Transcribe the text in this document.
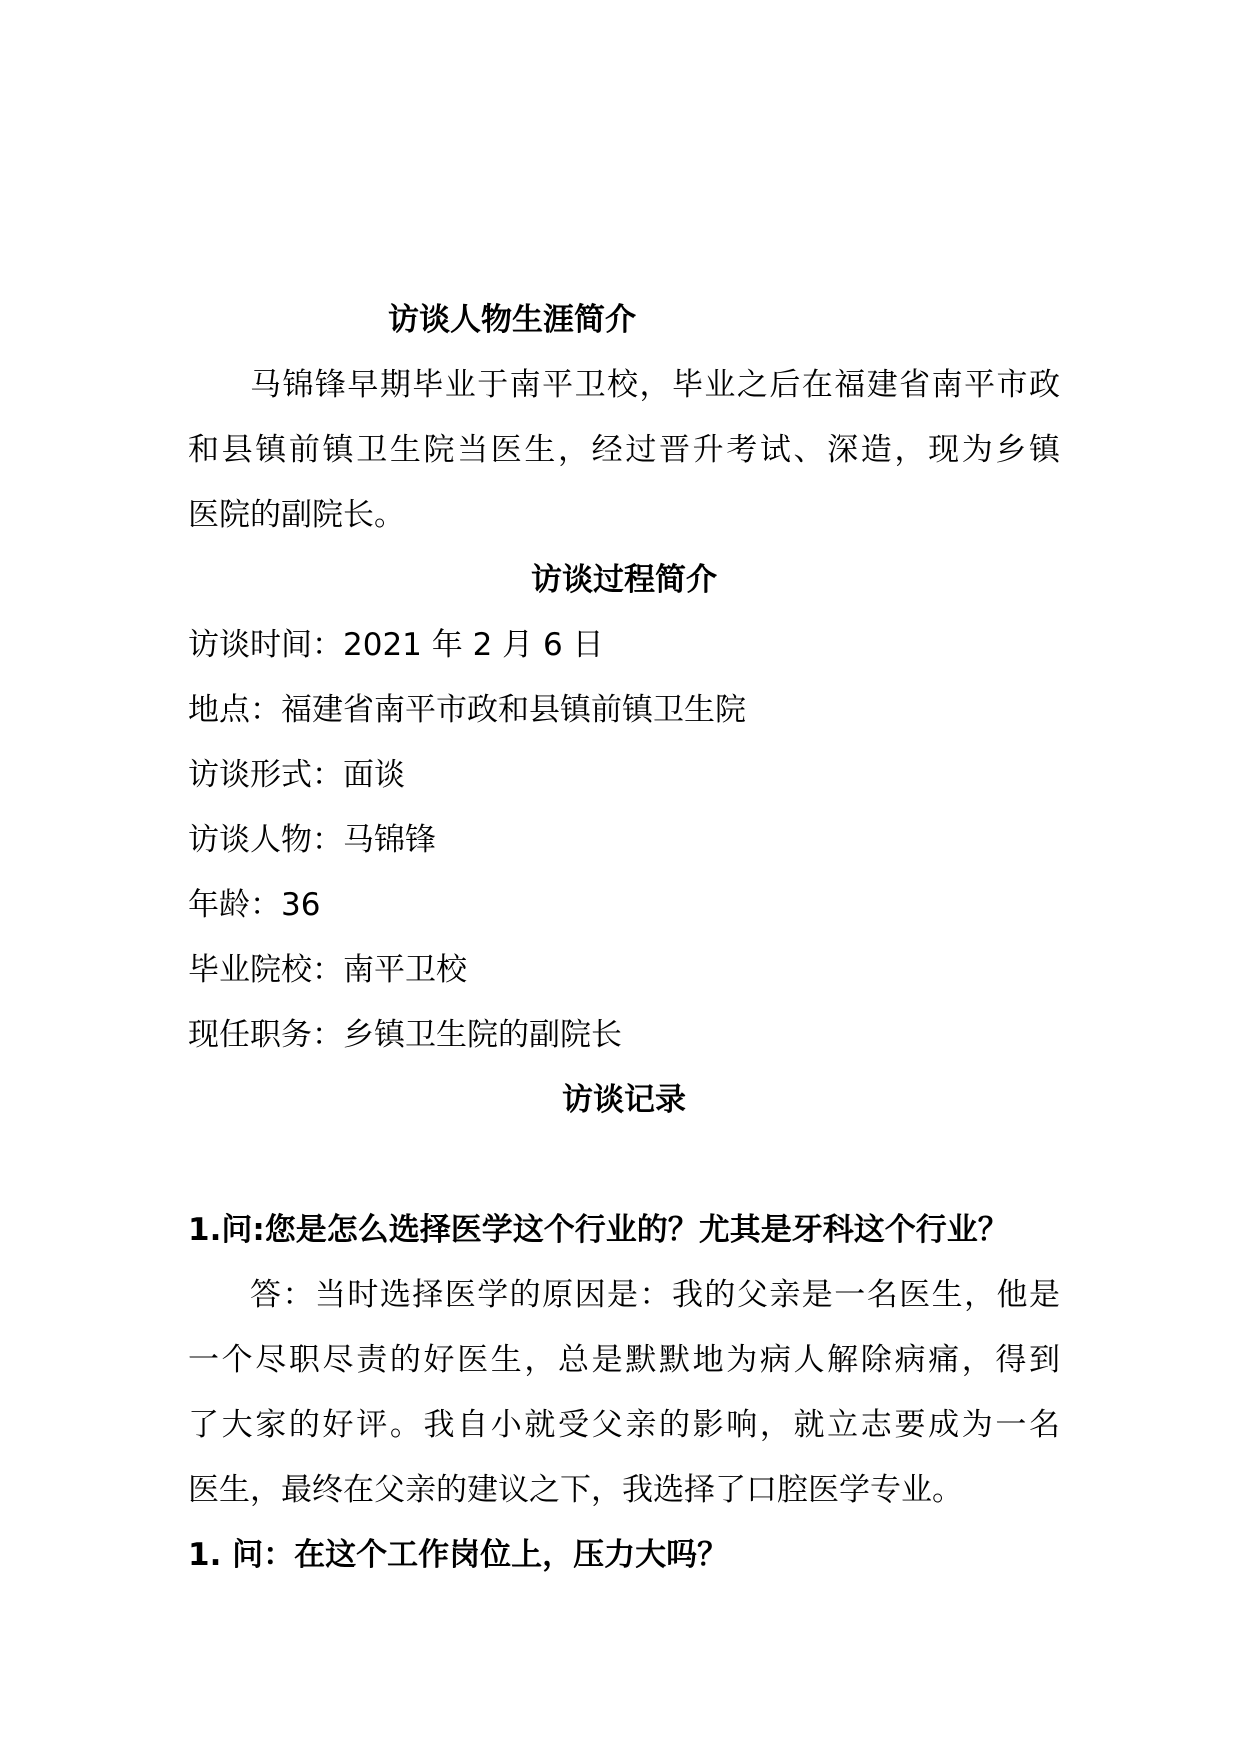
访谈人物生涯简介
马锦锋早期毕业于南平卫校，毕业之后在福建省南平市政
和县镇前镇卫生院当医生，经过晋升考试、深造，现为乡镇
医院的副院长。
访谈过程简介
访谈时间：2021 年 2 月 6 日
地点：福建省南平市政和县镇前镇卫生院
访谈形式：面谈
访谈人物：马锦锋
年龄：36
毕业院校：南平卫校
现任职务：乡镇卫生院的副院长
访谈记录
1.问:您是怎么选择医学这个行业的？尤其是牙科这个行业？
答：当时选择医学的原因是：我的父亲是一名医生，他是
一个尽职尽责的好医生，总是默默地为病人解除病痛，得到
了大家的好评。我自小就受父亲的影响，就立志要成为一名
医生，最终在父亲的建议之下，我选择了口腔医学专业。
1. 问：在这个工作岗位上，压力大吗？
